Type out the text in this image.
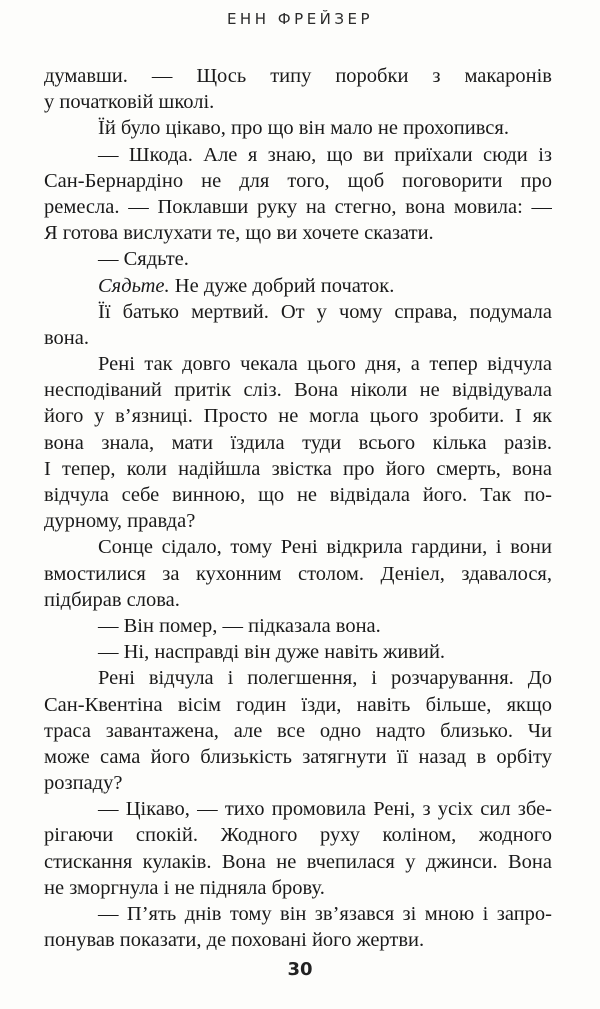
ЕНН ФРЕЙЗЕР
думавши. — Щось типу поробки з макаронів
у початковій школі.
Їй було цікаво, про що він мало не прохопився.
— Шкода. Але я знаю, що ви приїхали сюди із
Сан-Бернардіно не для того, щоб поговорити про
ремесла. — Поклавши руку на стегно, вона мовила: —
Я готова вислухати те, що ви хочете сказати.
— Сядьте.
Сядьте. Не дуже добрий початок.
Її батько мертвий. От у чому справа, подумала
вона.
Рені так довго чекала цього дня, а тепер відчула
несподіваний притік сліз. Вона ніколи не відвідувала
його у в’язниці. Просто не могла цього зробити. І як
вона знала, мати їздила туди всього кілька разів.
І тепер, коли надійшла звістка про його смерть, вона
відчула себе винною, що не відвідала його. Так по-
дурному, правда?
Сонце сідало, тому Рені відкрила гардини, і вони
вмостилися за кухонним столом. Деніел, здавалося,
підбирав слова.
— Він помер, — підказала вона.
— Ні, насправді він дуже навіть живий.
Рені відчула і полегшення, і розчарування. До
Сан-Квентіна вісім годин їзди, навіть більше, якщо
траса завантажена, але все одно надто близько. Чи
може сама його близькість затягнути її назад в орбіту
розпаду?
— Цікаво, — тихо промовила Рені, з усіх сил збе-
рігаючи спокій. Жодного руху коліном, жодного
стискання кулаків. Вона не вчепилася у джинси. Вона
не зморгнула і не підняла брову.
— П’ять днів тому він зв’язався зі мною і запро-
понував показати, де поховані його жертви.
30
